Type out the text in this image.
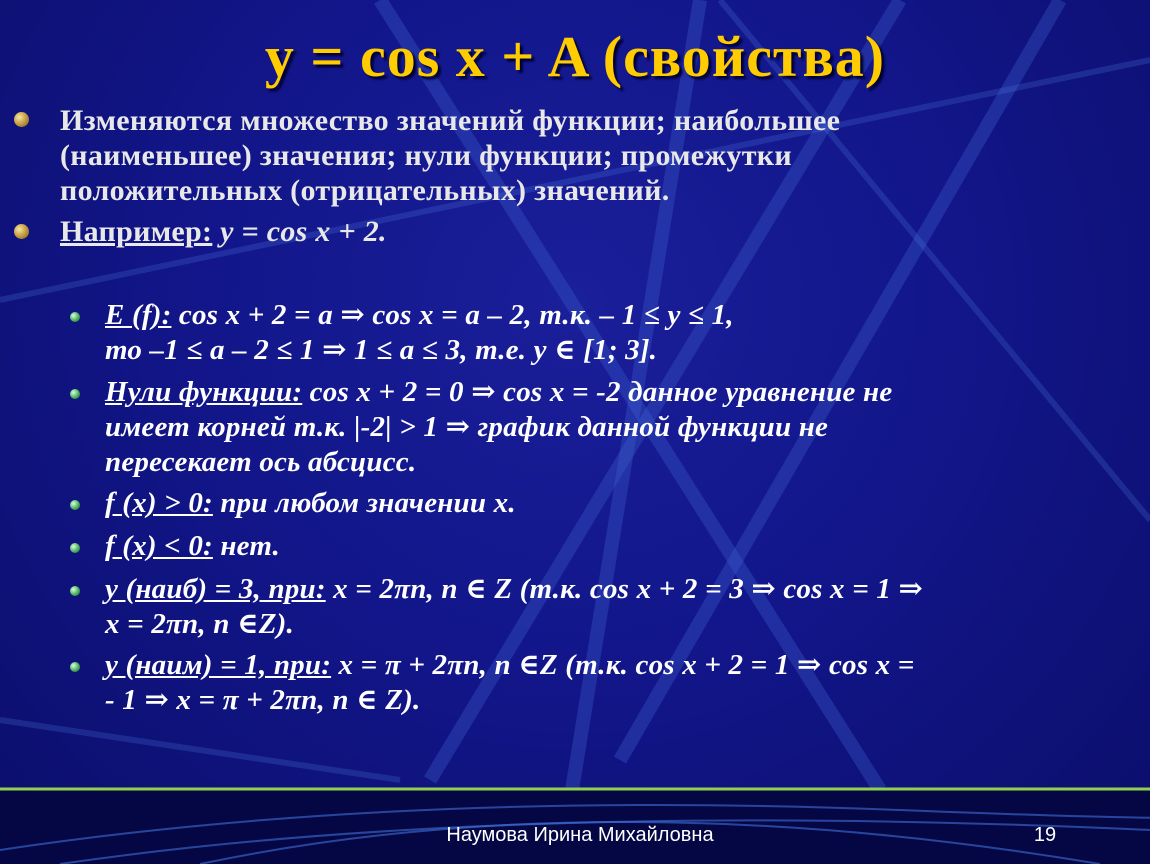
y = cos x + A (свойства)
Изменяются множество значений функции; наибольшее
(наименьшее) значения; нули функции; промежутки
положительных (отрицательных) значений.
Например: y = cos x + 2.
E (f): cos x + 2 = a ⇒ cos x = a – 2, т.к. – 1 ≤ y ≤ 1,
то –1 ≤ a – 2 ≤ 1 ⇒ 1 ≤ a ≤ 3, т.е. y ∈ [1; 3].
Нули функции: cos x + 2 = 0 ⇒ cos x = -2 данное уравнение не
имеет корней т.к. |-2| > 1 ⇒ график данной функции не
пересекает ось абсцисс.
f (x) > 0: при любом значении x.
f (x) < 0: нет.
y (наиб) = 3, при: x = 2πn, n ∈ Z (т.к. cos x + 2 = 3 ⇒ cos x = 1 ⇒
x = 2πn, n ∈Z).
y (наим) = 1, при: x = π + 2πn, n ∈Z (т.к. cos x + 2 = 1 ⇒ cos x =
- 1 ⇒ x = π + 2πn, n ∈ Z).
Наумова Ирина Михайловна	19
